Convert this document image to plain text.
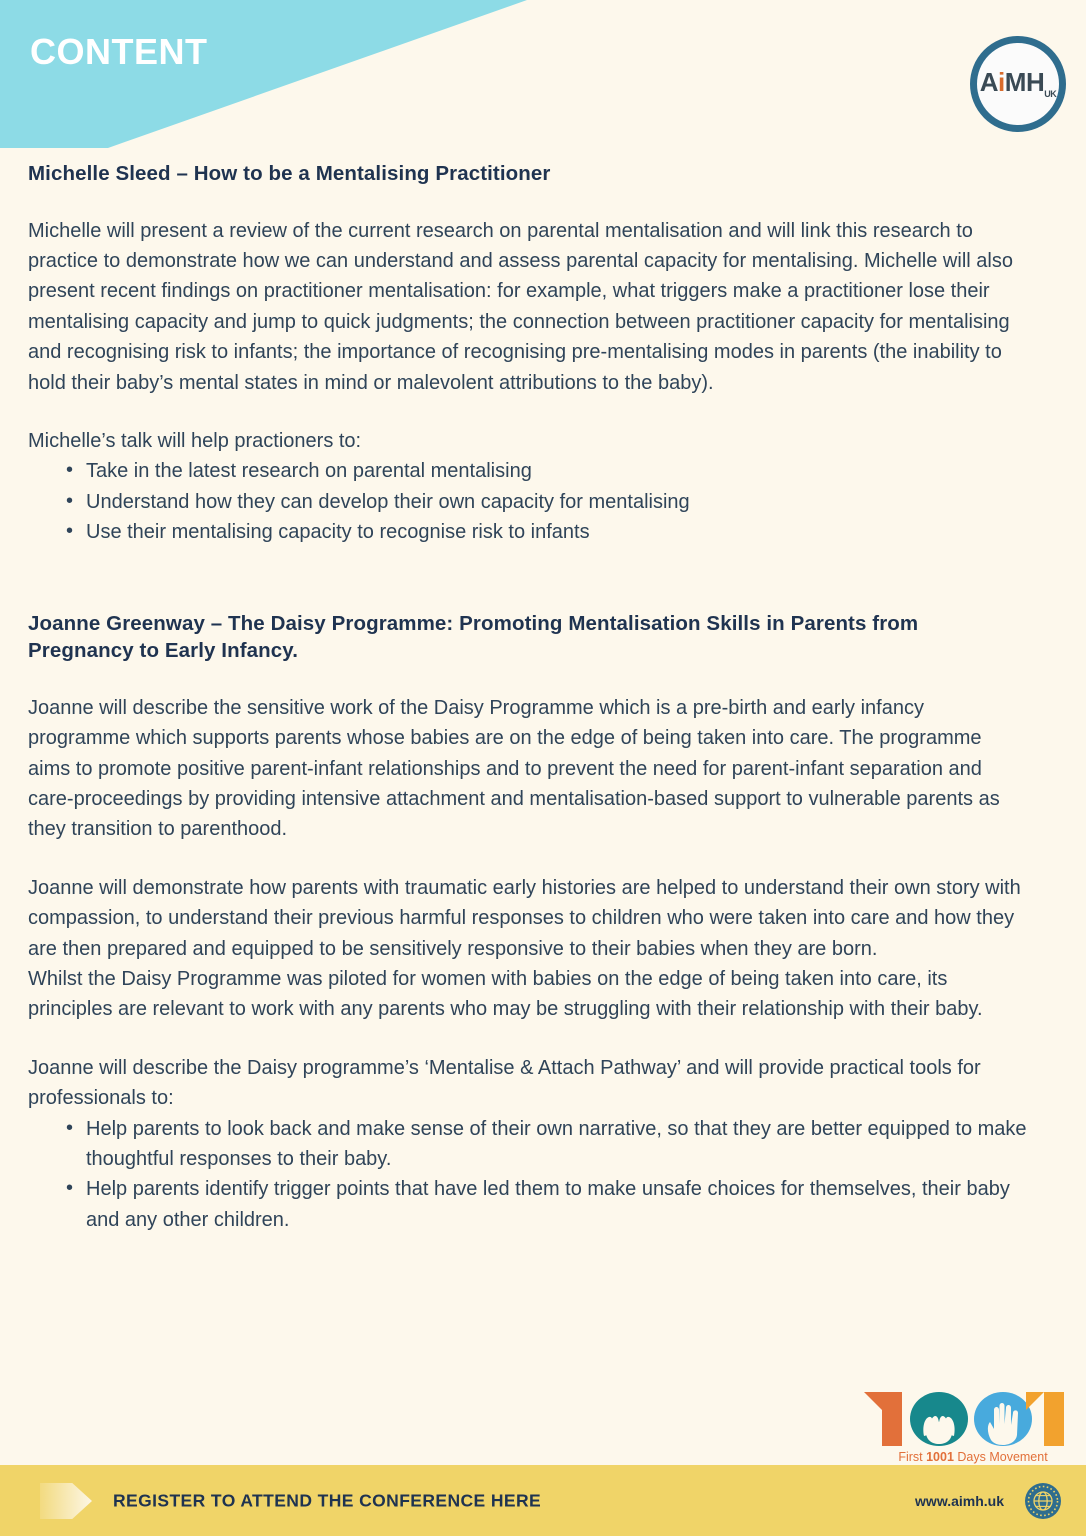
CONTENT
AiMH$_{UK}$
Michelle Sleed – How to be a Mentalising Practitioner

Michelle will present a review of the current research on parental mentalisation and will link this research to practice to demonstrate how we can understand and assess parental capacity for mentalising. Michelle will also present recent findings on practitioner mentalisation: for example, what triggers make a practitioner lose their mentalising capacity and jump to quick judgments; the connection between practitioner capacity for mentalising and recognising risk to infants; the importance of recognising pre-mentalising modes in parents (the inability to hold their baby’s mental states in mind or malevolent attributions to the baby).

Michelle’s talk will help practioners to:

• Take in the latest research on parental mentalising
• Understand how they can develop their own capacity for mentalising
• Use their mentalising capacity to recognise risk to infants
Joanne Greenway – The Daisy Programme: Promoting Mentalisation Skills in Parents from Pregnancy to Early Infancy.

Joanne will describe the sensitive work of the Daisy Programme which is a pre-birth and early infancy programme which supports parents whose babies are on the edge of being taken into care. The programme aims to promote positive parent-infant relationships and to prevent the need for parent-infant separation and care-proceedings by providing intensive attachment and mentalisation-based support to vulnerable parents as they transition to parenthood.

Joanne will demonstrate how parents with traumatic early histories are helped to understand their own story with compassion, to understand their previous harmful responses to children who were taken into care and how they are then prepared and equipped to be sensitively responsive to their babies when they are born.

Whilst the Daisy Programme was piloted for women with babies on the edge of being taken into care, its principles are relevant to work with any parents who may be struggling with their relationship with their baby.

Joanne will describe the Daisy programme’s ‘Mentalise & Attach Pathway’ and will provide practical tools for professionals to:

• Help parents to look back and make sense of their own narrative, so that they are better equipped to make thoughtful responses to their baby.
• Help parents identify trigger points that have led them to make unsafe choices for themselves, their baby and any other children.
First 1001 Days Movement
REGISTER TO ATTEND THE CONFERENCE HERE	www.aimh.uk
